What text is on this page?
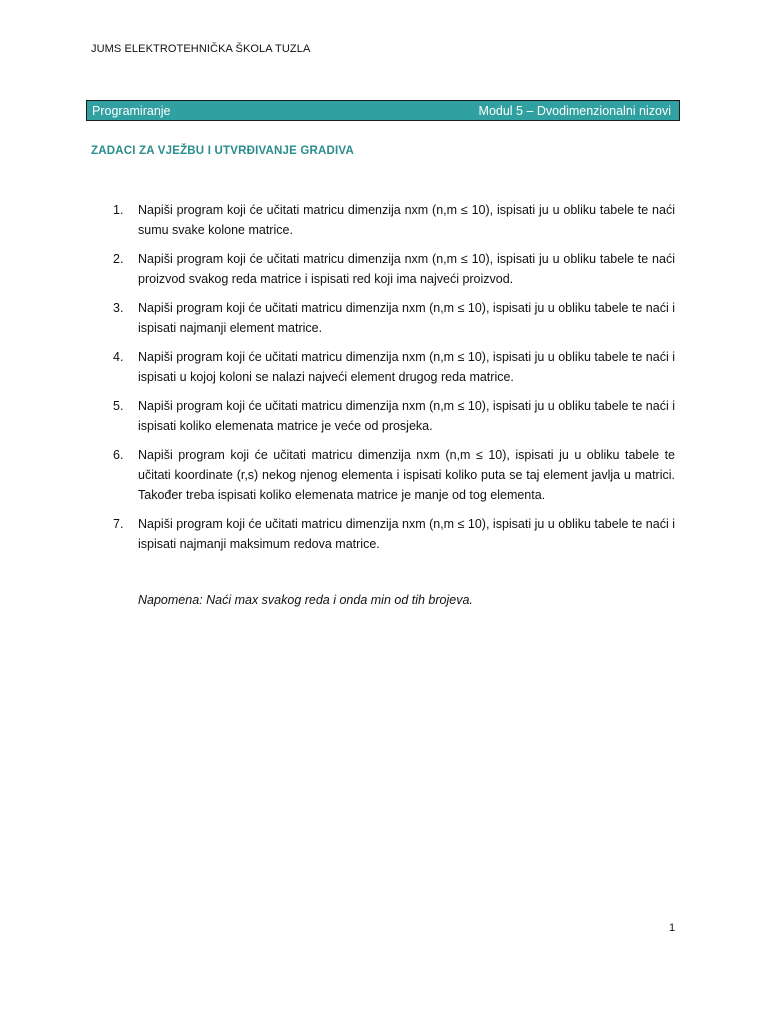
JUMS ELEKTROTEHNIČKA ŠKOLA TUZLA
Programiranje	Modul 5 – Dvodimenzionalni nizovi
ZADACI ZA VJEŽBU I UTVRĐIVANJE GRADIVA
1. Napiši program koji će učitati matricu dimenzija nxm (n,m ≤ 10), ispisati ju u obliku tabele te naći sumu svake kolone matrice.
2. Napiši program koji će učitati matricu dimenzija nxm (n,m ≤ 10), ispisati ju u obliku tabele te naći proizvod svakog reda matrice i ispisati red koji ima najveći proizvod.
3. Napiši program koji će učitati matricu dimenzija nxm (n,m ≤ 10), ispisati ju u obliku tabele te naći i ispisati najmanji element matrice.
4. Napiši program koji će učitati matricu dimenzija nxm (n,m ≤ 10), ispisati ju u obliku tabele te naći i ispisati u kojoj koloni se nalazi najveći element drugog reda matrice.
5. Napiši program koji će učitati matricu dimenzija nxm (n,m ≤ 10), ispisati ju u obliku tabele te naći i ispisati koliko elemenata matrice je veće od prosjeka.
6. Napiši program koji će učitati matricu dimenzija nxm (n,m ≤ 10), ispisati ju u obliku tabele te učitati koordinate (r,s) nekog njenog elementa i ispisati koliko puta se taj element javlja u matrici. Također treba ispisati koliko elemenata matrice je manje od tog elementa.
7. Napiši program koji će učitati matricu dimenzija nxm (n,m ≤ 10), ispisati ju u obliku tabele te naći i ispisati najmanji maksimum redova matrice.
Napomena: Naći max svakog reda i onda min od tih brojeva.
1
